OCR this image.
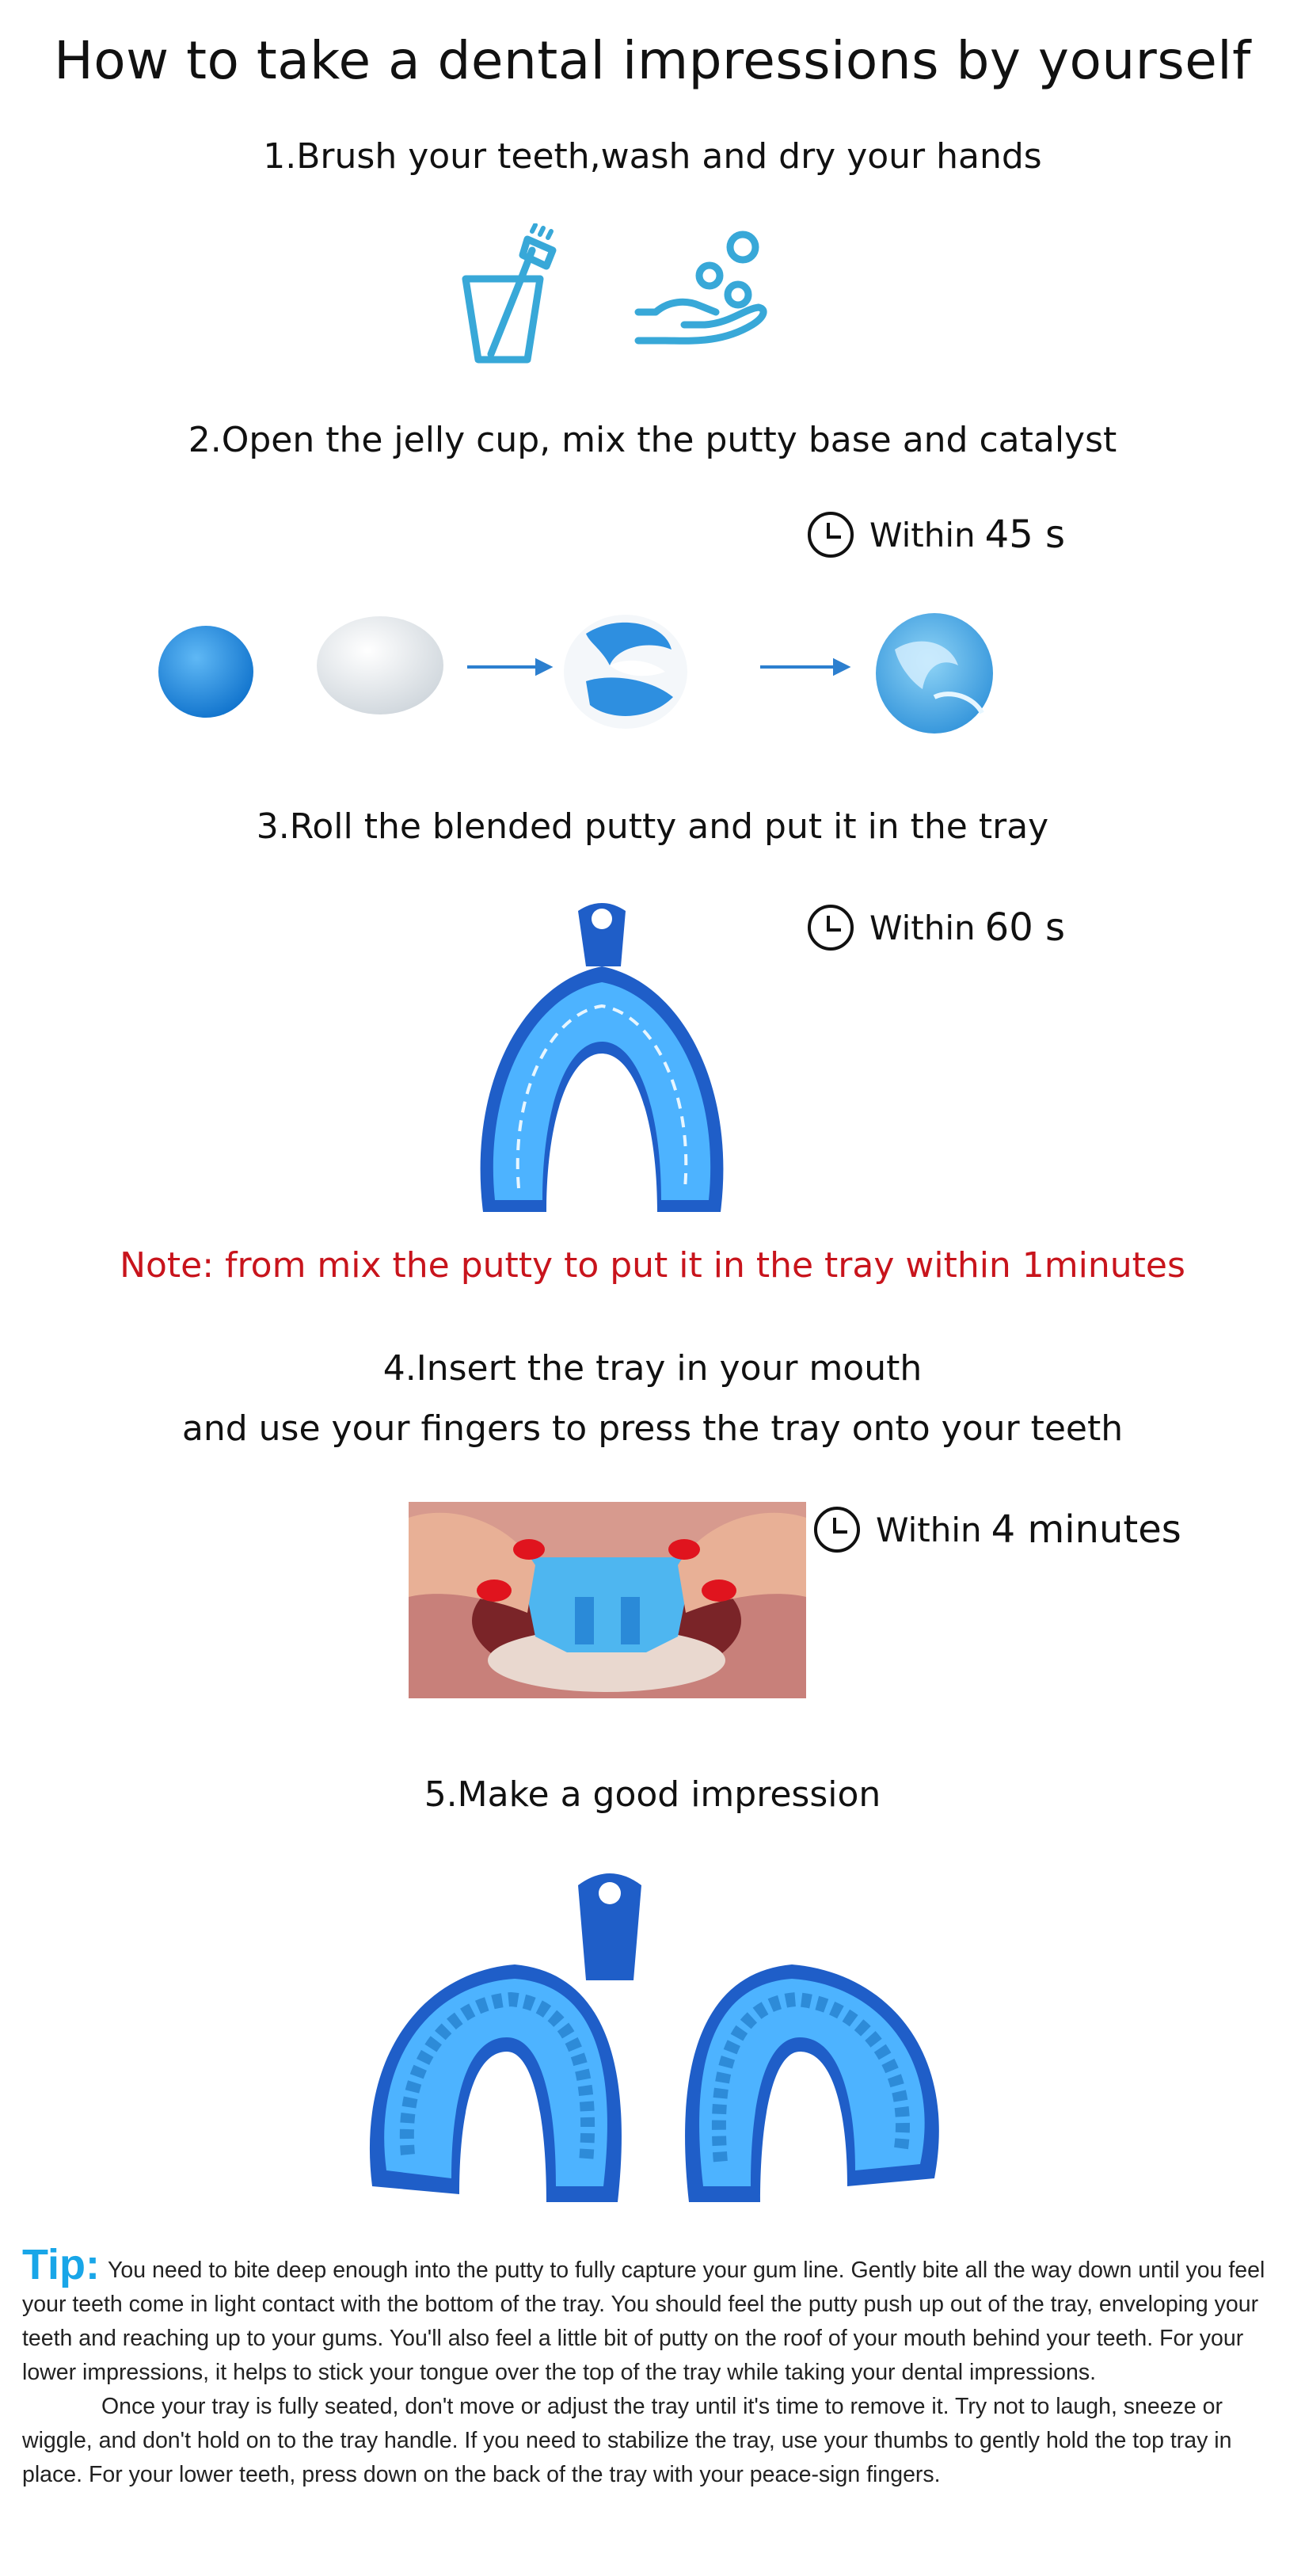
How to take a dental impressions by yourself
1.Brush your teeth,wash and dry your hands
2.Open the jelly cup, mix the putty base and catalyst
Within 45 s
3.Roll the blended putty and put it in the tray
Within 60 s
Note: from mix the putty to put it in the tray within 1minutes
4.Insert the tray in your mouth
and use your fingers to press the tray onto your teeth
Within 4 minutes
5.Make a good impression

Tip: You need to bite deep enough into the putty to fully capture your gum line. Gently bite all the way down until you feel your teeth come in light contact with the bottom of the tray. You should feel the putty push up out of the tray, enveloping your teeth and reaching up to your gums. You'll also feel a little bit of putty on the roof of your mouth behind your teeth. For your lower impressions, it helps to stick your tongue over the top of the tray while taking your dental impressions.

Once your tray is fully seated, don't move or adjust the tray until it's time to remove it. Try not to laugh, sneeze or wiggle, and don't hold on to the tray handle. If you need to stabilize the tray, use your thumbs to gently hold the top tray in place. For your lower teeth, press down on the back of the tray with your peace-sign fingers.
